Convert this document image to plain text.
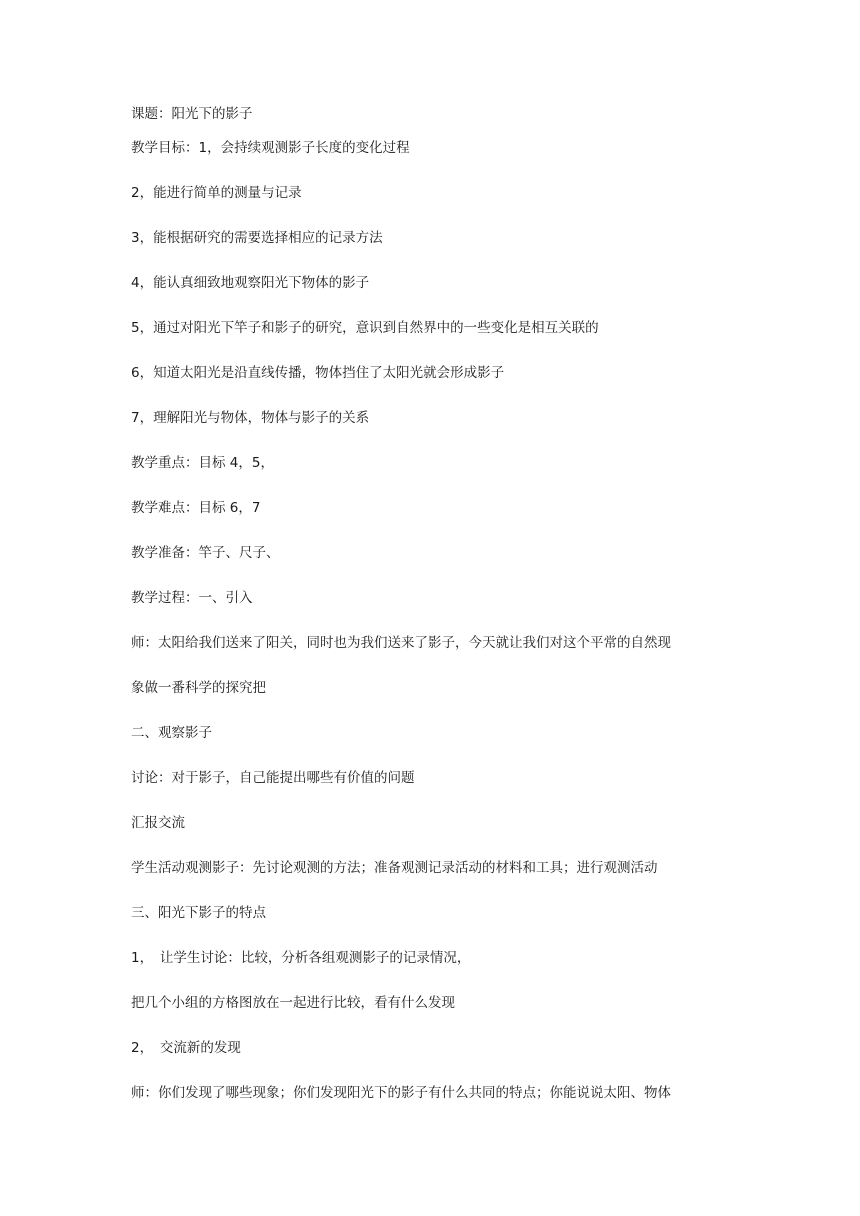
课题：阳光下的影子

教学目标：1，会持续观测影子长度的变化过程

2，能进行简单的测量与记录

3，能根据研究的需要选择相应的记录方法

4，能认真细致地观察阳光下物体的影子

5，通过对阳光下竿子和影子的研究，意识到自然界中的一些变化是相互关联的

6，知道太阳光是沿直线传播，物体挡住了太阳光就会形成影子

7，理解阳光与物体，物体与影子的关系

教学重点：目标 4，5，

教学难点：目标 6，7

教学准备：竿子、尺子、

教学过程：一、引入

师：太阳给我们送来了阳关，同时也为我们送来了影子，今天就让我们对这个平常的自然现

象做一番科学的探究把

二、观察影子

讨论：对于影子，自己能提出哪些有价值的问题

汇报交流

学生活动观测影子：先讨论观测的方法；准备观测记录活动的材料和工具；进行观测活动

三、阳光下影子的特点

1，　让学生讨论：比较，分析各组观测影子的记录情况，

把几个小组的方格图放在一起进行比较，看有什么发现

2，　交流新的发现

师：你们发现了哪些现象；你们发现阳光下的影子有什么共同的特点；你能说说太阳、物体
